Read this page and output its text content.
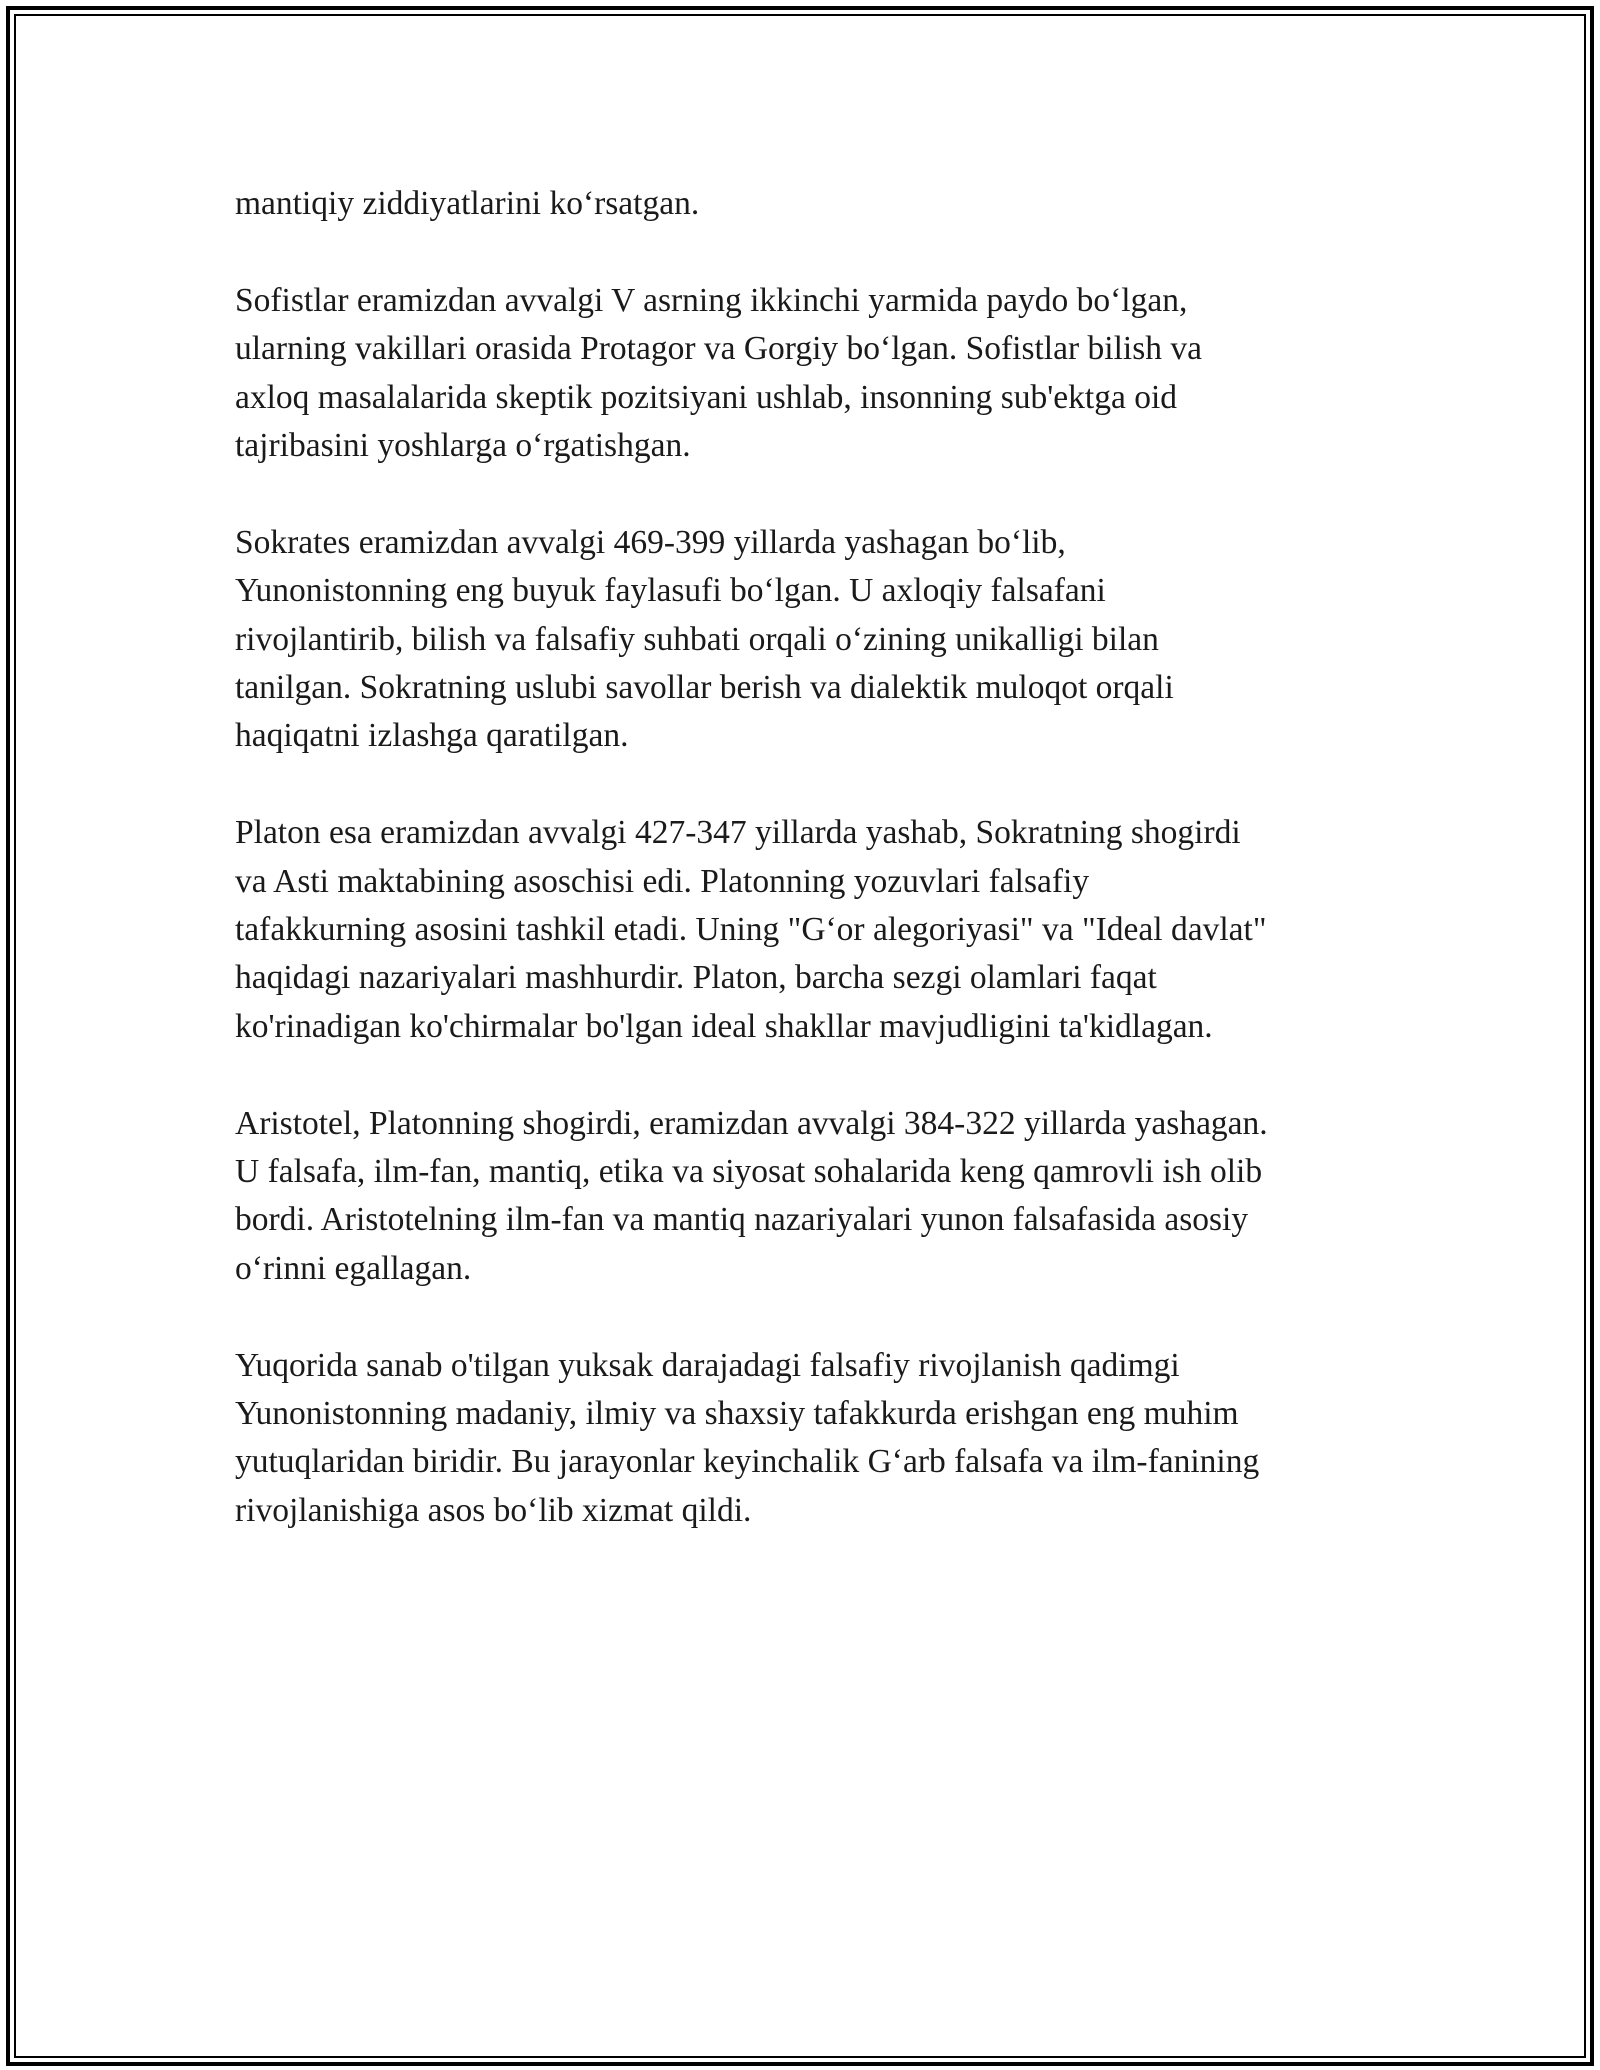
mantiqiy ziddiyatlarini ko‘rsatgan.

Sofistlar eramizdan avvalgi V asrning ikkinchi yarmida paydo bo‘lgan,
ularning vakillari orasida Protagor va Gorgiy bo‘lgan. Sofistlar bilish va
axloq masalalarida skeptik pozitsiyani ushlab, insonning sub'ektga oid
tajribasini yoshlarga o‘rgatishgan.

Sokrates eramizdan avvalgi 469-399 yillarda yashagan bo‘lib,
Yunonistonning eng buyuk faylasufi bo‘lgan. U axloqiy falsafani
rivojlantirib, bilish va falsafiy suhbati orqali o‘zining unikalligi bilan
tanilgan. Sokratning uslubi savollar berish va dialektik muloqot orqali
haqiqatni izlashga qaratilgan.

Platon esa eramizdan avvalgi 427-347 yillarda yashab, Sokratning shogirdi
va Asti maktabining asoschisi edi. Platonning yozuvlari falsafiy
tafakkurning asosini tashkil etadi. Uning "G‘or alegoriyasi" va "Ideal davlat"
haqidagi nazariyalari mashhurdir. Platon, barcha sezgi olamlari faqat
ko'rinadigan ko'chirmalar bo'lgan ideal shakllar mavjudligini ta'kidlagan.

Aristotel, Platonning shogirdi, eramizdan avvalgi 384-322 yillarda yashagan.
U falsafa, ilm-fan, mantiq, etika va siyosat sohalarida keng qamrovli ish olib
bordi. Aristotelning ilm-fan va mantiq nazariyalari yunon falsafasida asosiy
o‘rinni egallagan.

Yuqorida sanab o'tilgan yuksak darajadagi falsafiy rivojlanish qadimgi
Yunonistonning madaniy, ilmiy va shaxsiy tafakkurda erishgan eng muhim
yutuqlaridan biridir. Bu jarayonlar keyinchalik G‘arb falsafa va ilm-fanining
rivojlanishiga asos bo‘lib xizmat qildi.
